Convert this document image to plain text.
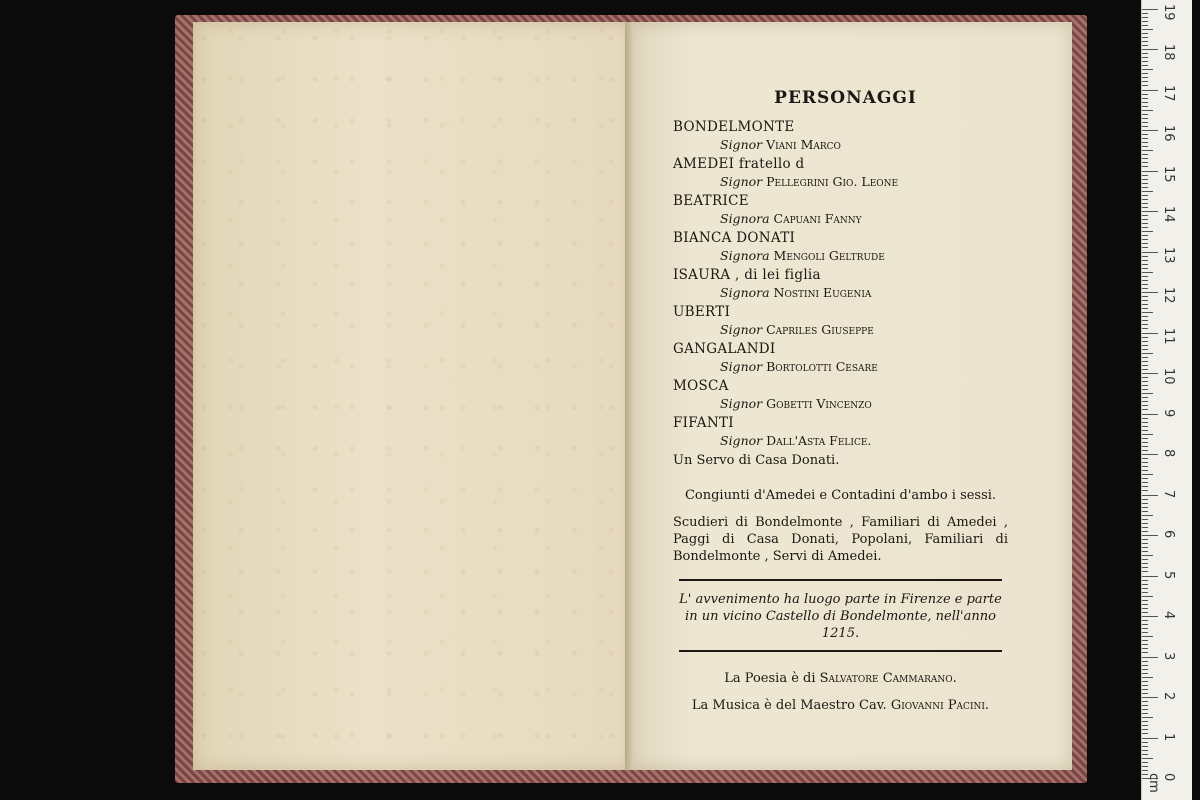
PERSONAGGI
BONDELMONTE
Signor Viani Marco
AMEDEI fratello d
Signor Pellegrini Gio. Leone
BEATRICE
Signora Capuani Fanny
BIANCA DONATI
Signora Mengoli Geltrude
ISAURA , di lei figlia
Signora Nostini Eugenia
UBERTI
Signor Capriles Giuseppe
GANGALANDI
Signor Bortolotti Cesare
MOSCA
Signor Gobetti Vincenzo
FIFANTI
Signor Dall'Asta Felice.
Un Servo di Casa Donati.
Congiunti d'Amedei e Contadini d'ambo i sessi.
Scudieri di Bondelmonte , Familiari di Amedei , Paggi di Casa Donati, Popolani, Familiari di Bondelmonte , Servi di Amedei.
L' avvenimento ha luogo parte in Firenze e parte in un vicino Castello di Bondelmonte, nell'anno 1215.
La Poesia è di Salvatore Cammarano.
La Musica è del Maestro Cav. Giovanni Pacini.
0 cm
1
2
3
4
5
6
7
8
9
10
11
12
13
14
15
16
17
18
19
